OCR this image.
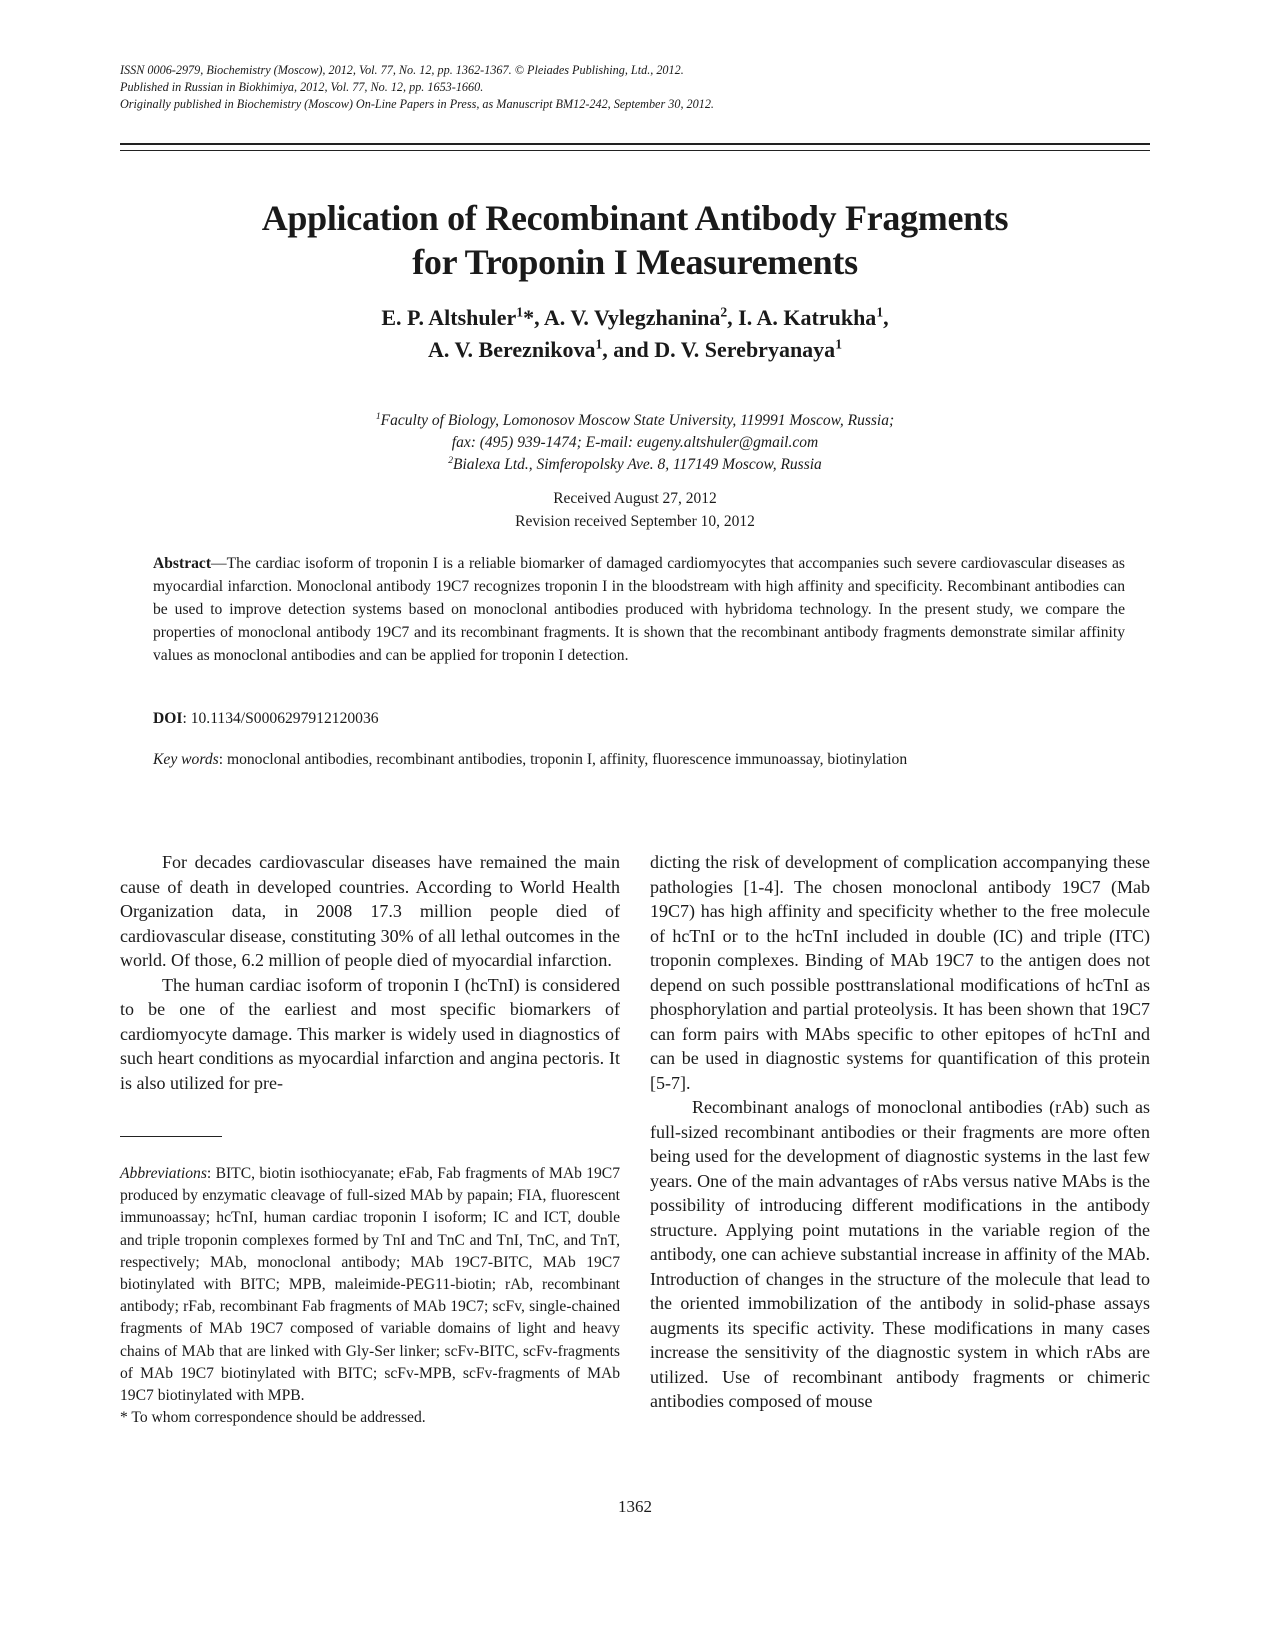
ISSN 0006-2979, Biochemistry (Moscow), 2012, Vol. 77, No. 12, pp. 1362-1367. © Pleiades Publishing, Ltd., 2012.
Published in Russian in Biokhimiya, 2012, Vol. 77, No. 12, pp. 1653-1660.
Originally published in Biochemistry (Moscow) On-Line Papers in Press, as Manuscript BM12-242, September 30, 2012.
Application of Recombinant Antibody Fragments
for Troponin I Measurements
E. P. Altshuler$^1$*, A. V. Vylegzhanina$^2$, I. A. Katrukha$^1$,
A. V. Bereznikova$^1$, and D. V. Serebryanaya$^1$
$^1$Faculty of Biology, Lomonosov Moscow State University, 119991 Moscow, Russia;
fax: (495) 939-1474; E-mail: eugeny.altshuler@gmail.com
$^2$Bialexa Ltd., Simferopolsky Ave. 8, 117149 Moscow, Russia
Received August 27, 2012
Revision received September 10, 2012
Abstract—The cardiac isoform of troponin I is a reliable biomarker of damaged cardiomyocytes that accompanies such severe cardiovascular diseases as myocardial infarction. Monoclonal antibody 19C7 recognizes troponin I in the bloodstream with high affinity and specificity. Recombinant antibodies can be used to improve detection systems based on monoclonal antibodies produced with hybridoma technology. In the present study, we compare the properties of monoclonal antibody 19C7 and its recombinant fragments. It is shown that the recombinant antibody fragments demonstrate similar affinity values as monoclonal antibodies and can be applied for troponin I detection.
DOI: 10.1134/S0006297912120036
Key words: monoclonal antibodies, recombinant antibodies, troponin I, affinity, fluorescence immunoassay, biotinylation

For decades cardiovascular diseases have remained the main cause of death in developed countries. According to World Health Organization data, in 2008 17.3 million people died of cardiovascular disease, constituting 30% of all lethal outcomes in the world. Of those, 6.2 million of people died of myocardial infarction.

The human cardiac isoform of troponin I (hcTnI) is considered to be one of the earliest and most specific biomarkers of cardiomyocyte damage. This marker is widely used in diagnostics of such heart conditions as myocardial infarction and angina pectoris. It is also utilized for pre-

dicting the risk of development of complication accompanying these pathologies [1-4]. The chosen monoclonal antibody 19C7 (Mab 19C7) has high affinity and specificity whether to the free molecule of hcTnI or to the hcTnI included in double (IC) and triple (ITC) troponin complexes. Binding of MAb 19C7 to the antigen does not depend on such possible posttranslational modifications of hcTnI as phosphorylation and partial proteolysis. It has been shown that 19C7 can form pairs with MAbs specific to other epitopes of hcTnI and can be used in diagnostic systems for quantification of this protein [5-7].

Recombinant analogs of monoclonal antibodies (rAb) such as full-sized recombinant antibodies or their fragments are more often being used for the development of diagnostic systems in the last few years. One of the main advantages of rAbs versus native MAbs is the possibility of introducing different modifications in the antibody structure. Applying point mutations in the variable region of the antibody, one can achieve substantial increase in affinity of the MAb. Introduction of changes in the structure of the molecule that lead to the oriented immobilization of the antibody in solid-phase assays augments its specific activity. These modifications in many cases increase the sensitivity of the diagnostic system in which rAbs are utilized. Use of recombinant antibody fragments or chimeric antibodies composed of mouse

Abbreviations: BITC, biotin isothiocyanate; eFab, Fab fragments of MAb 19C7 produced by enzymatic cleavage of full-sized MAb by papain; FIA, fluorescent immunoassay; hcTnI, human cardiac troponin I isoform; IC and ICT, double and triple troponin complexes formed by TnI and TnC and TnI, TnC, and TnT, respectively; MAb, monoclonal antibody; MAb 19C7-BITC, MAb 19C7 biotinylated with BITC; MPB, maleimide-PEG11-biotin; rAb, recombinant antibody; rFab, recombinant Fab fragments of MAb 19C7; scFv, single-chained fragments of MAb 19C7 composed of variable domains of light and heavy chains of MAb that are linked with Gly-Ser linker; scFv-BITC, scFv-fragments of MAb 19C7 biotinylated with BITC; scFv-MPB, scFv-fragments of MAb 19C7 biotinylated with MPB.

* To whom correspondence should be addressed.

1362
